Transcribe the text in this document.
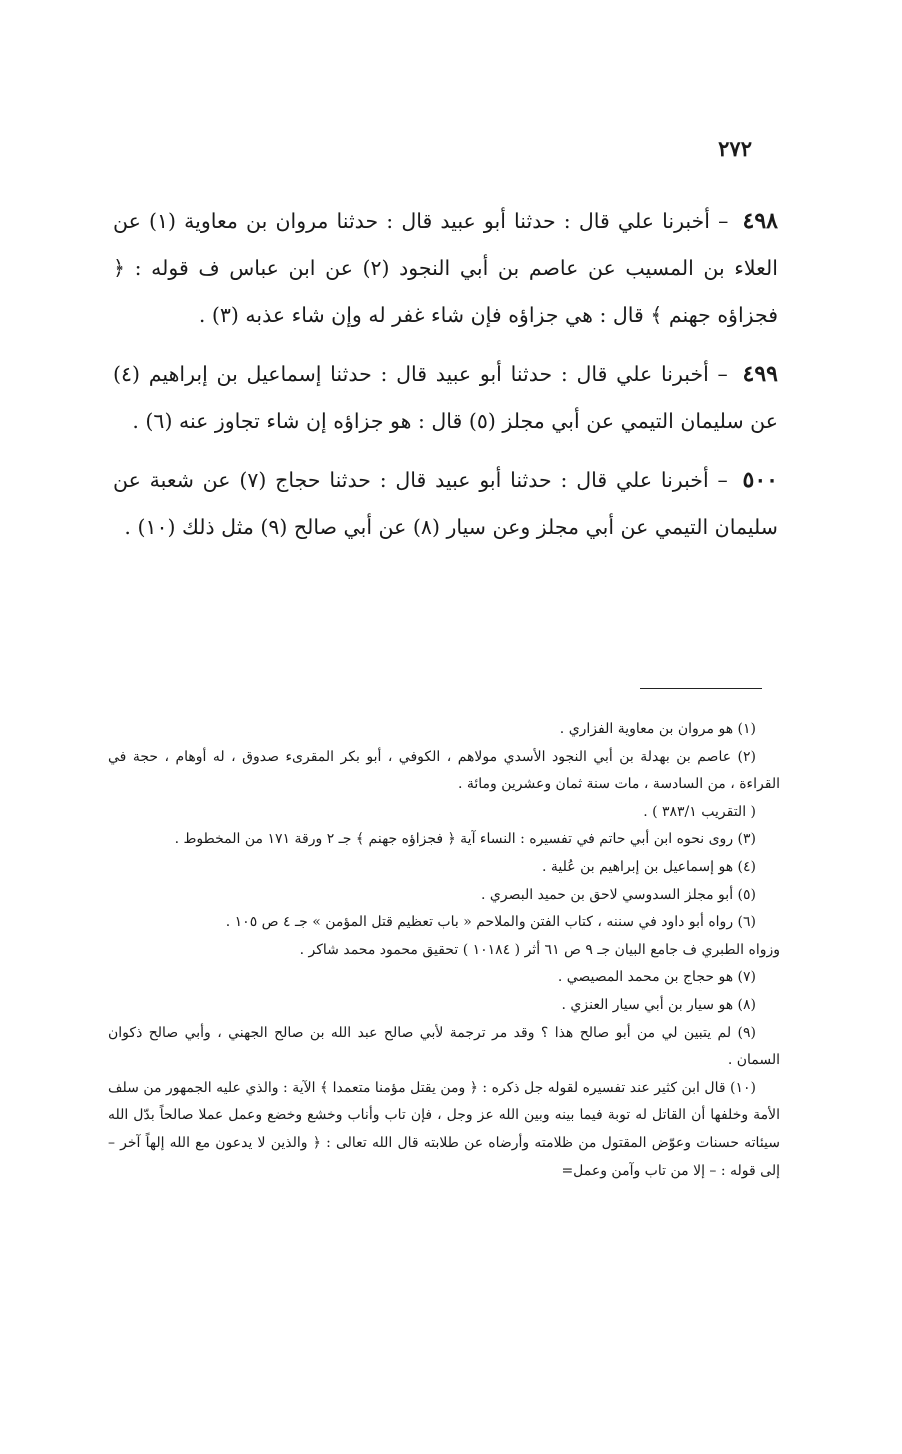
٢٧٢

٤٩٨ – أخبرنا علي قال : حدثنا أبو عبيد قال : حدثنا مروان بن معاوية (١) عن العلاء بن المسيب عن عاصم بن أبي النجود (٢) عن ابن عباس ف قوله : ﴿ فجزاؤه جهنم ﴾ قال : هي جزاؤه فإن شاء غفر له وإن شاء عذبه (٣) .

٤٩٩ – أخبرنا علي قال : حدثنا أبو عبيد قال : حدثنا إسماعيل بن إبراهيم (٤) عن سليمان التيمي عن أبي مجلز (٥) قال : هو جزاؤه إن شاء تجاوز عنه (٦) .

٥٠٠ – أخبرنا علي قال : حدثنا أبو عبيد قال : حدثنا حجاج (٧) عن شعبة عن سليمان التيمي عن أبي مجلز وعن سيار (٨) عن أبي صالح (٩) مثل ذلك (١٠) .

(١) هو مروان بن معاوية الفزاري .

(٢) عاصم بن بهدلة بن أبي النجود الأسدي مولاهم ، الكوفي ، أبو بكر المقرىء صدوق ، له أوهام ، حجة في القراءة ، من السادسة ، مات سنة ثمان وعشرين ومائة .

( التقريب ٣٨٣/١ ) .

(٣) روى نحوه ابن أبي حاتم في تفسيره : النساء آية ﴿ فجزاؤه جهنم ﴾ جـ ٢ ورقة ١٧١ من المخطوط .

(٤) هو إسماعيل بن إبراهيم بن عُلية .

(٥) أبو مجلز السدوسي لاحق بن حميد البصري .

(٦) رواه أبو داود في سننه ، كتاب الفتن والملاحم « باب تعظيم قتل المؤمن » جـ ٤ ص ١٠٥ .

وزواه الطبري ف جامع البيان جـ ٩ ص ٦١ أثر ( ١٠١٨٤ ) تحقيق محمود محمد شاكر .

(٧) هو حجاج بن محمد المصيصي .

(٨) هو سيار بن أبي سيار العنزي .

(٩) لم يتبين لي من أبو صالح هذا ؟ وقد مر ترجمة لأبي صالح عبد الله بن صالح الجهني ، وأبي صالح ذكوان السمان .

(١٠) قال ابن كثير عند تفسيره لقوله جل ذكره : ﴿ ومن يقتل مؤمنا متعمدا ﴾ الآية : والذي عليه الجمهور من سلف الأمة وخلفها أن القاتل له توبة فيما بينه وبين الله عز وجل ، فإن تاب وأناب وخشع وخضع وعمل عملا صالحاً بدّل الله سيئاته حسنات وعوّض المقتول من ظلامته وأرضاه عن طلابته قال الله تعالى : ﴿ والذين لا يدعون مع الله إلهاً آخر – إلى قوله : – إلا من تاب وآمن وعمل=
